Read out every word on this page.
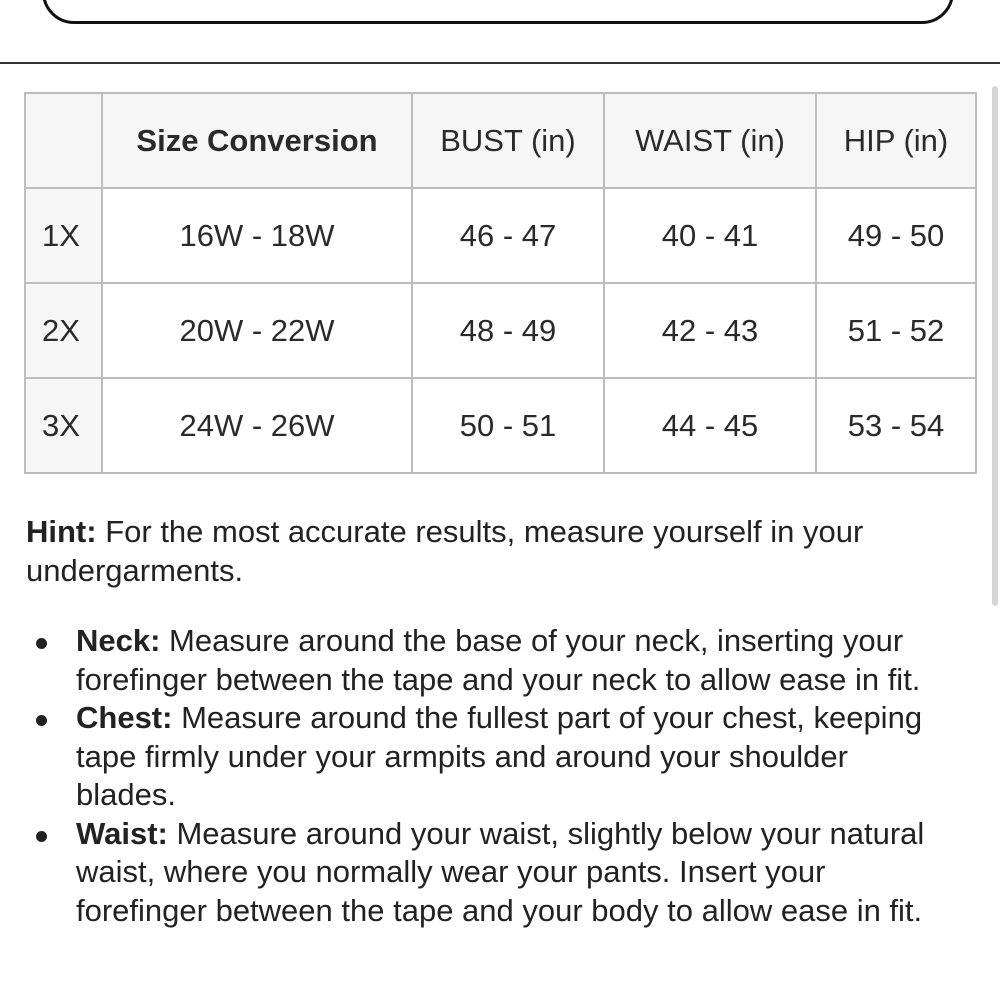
	Size Conversion	BUST (in)	WAIST (in)	HIP (in)
1X	16W - 18W	46 - 47	40 - 41	49 - 50
2X	20W - 22W	48 - 49	42 - 43	51 - 52
3X	24W - 26W	50 - 51	44 - 45	53 - 54

Hint: For the most accurate results, measure yourself in your undergarments.

Neck: Measure around the base of your neck, inserting your forefinger between the tape and your neck to allow ease in fit.
Chest: Measure around the fullest part of your chest, keeping tape firmly under your armpits and around your shoulder blades.
Waist: Measure around your waist, slightly below your natural waist, where you normally wear your pants. Insert your forefinger between the tape and your body to allow ease in fit.
